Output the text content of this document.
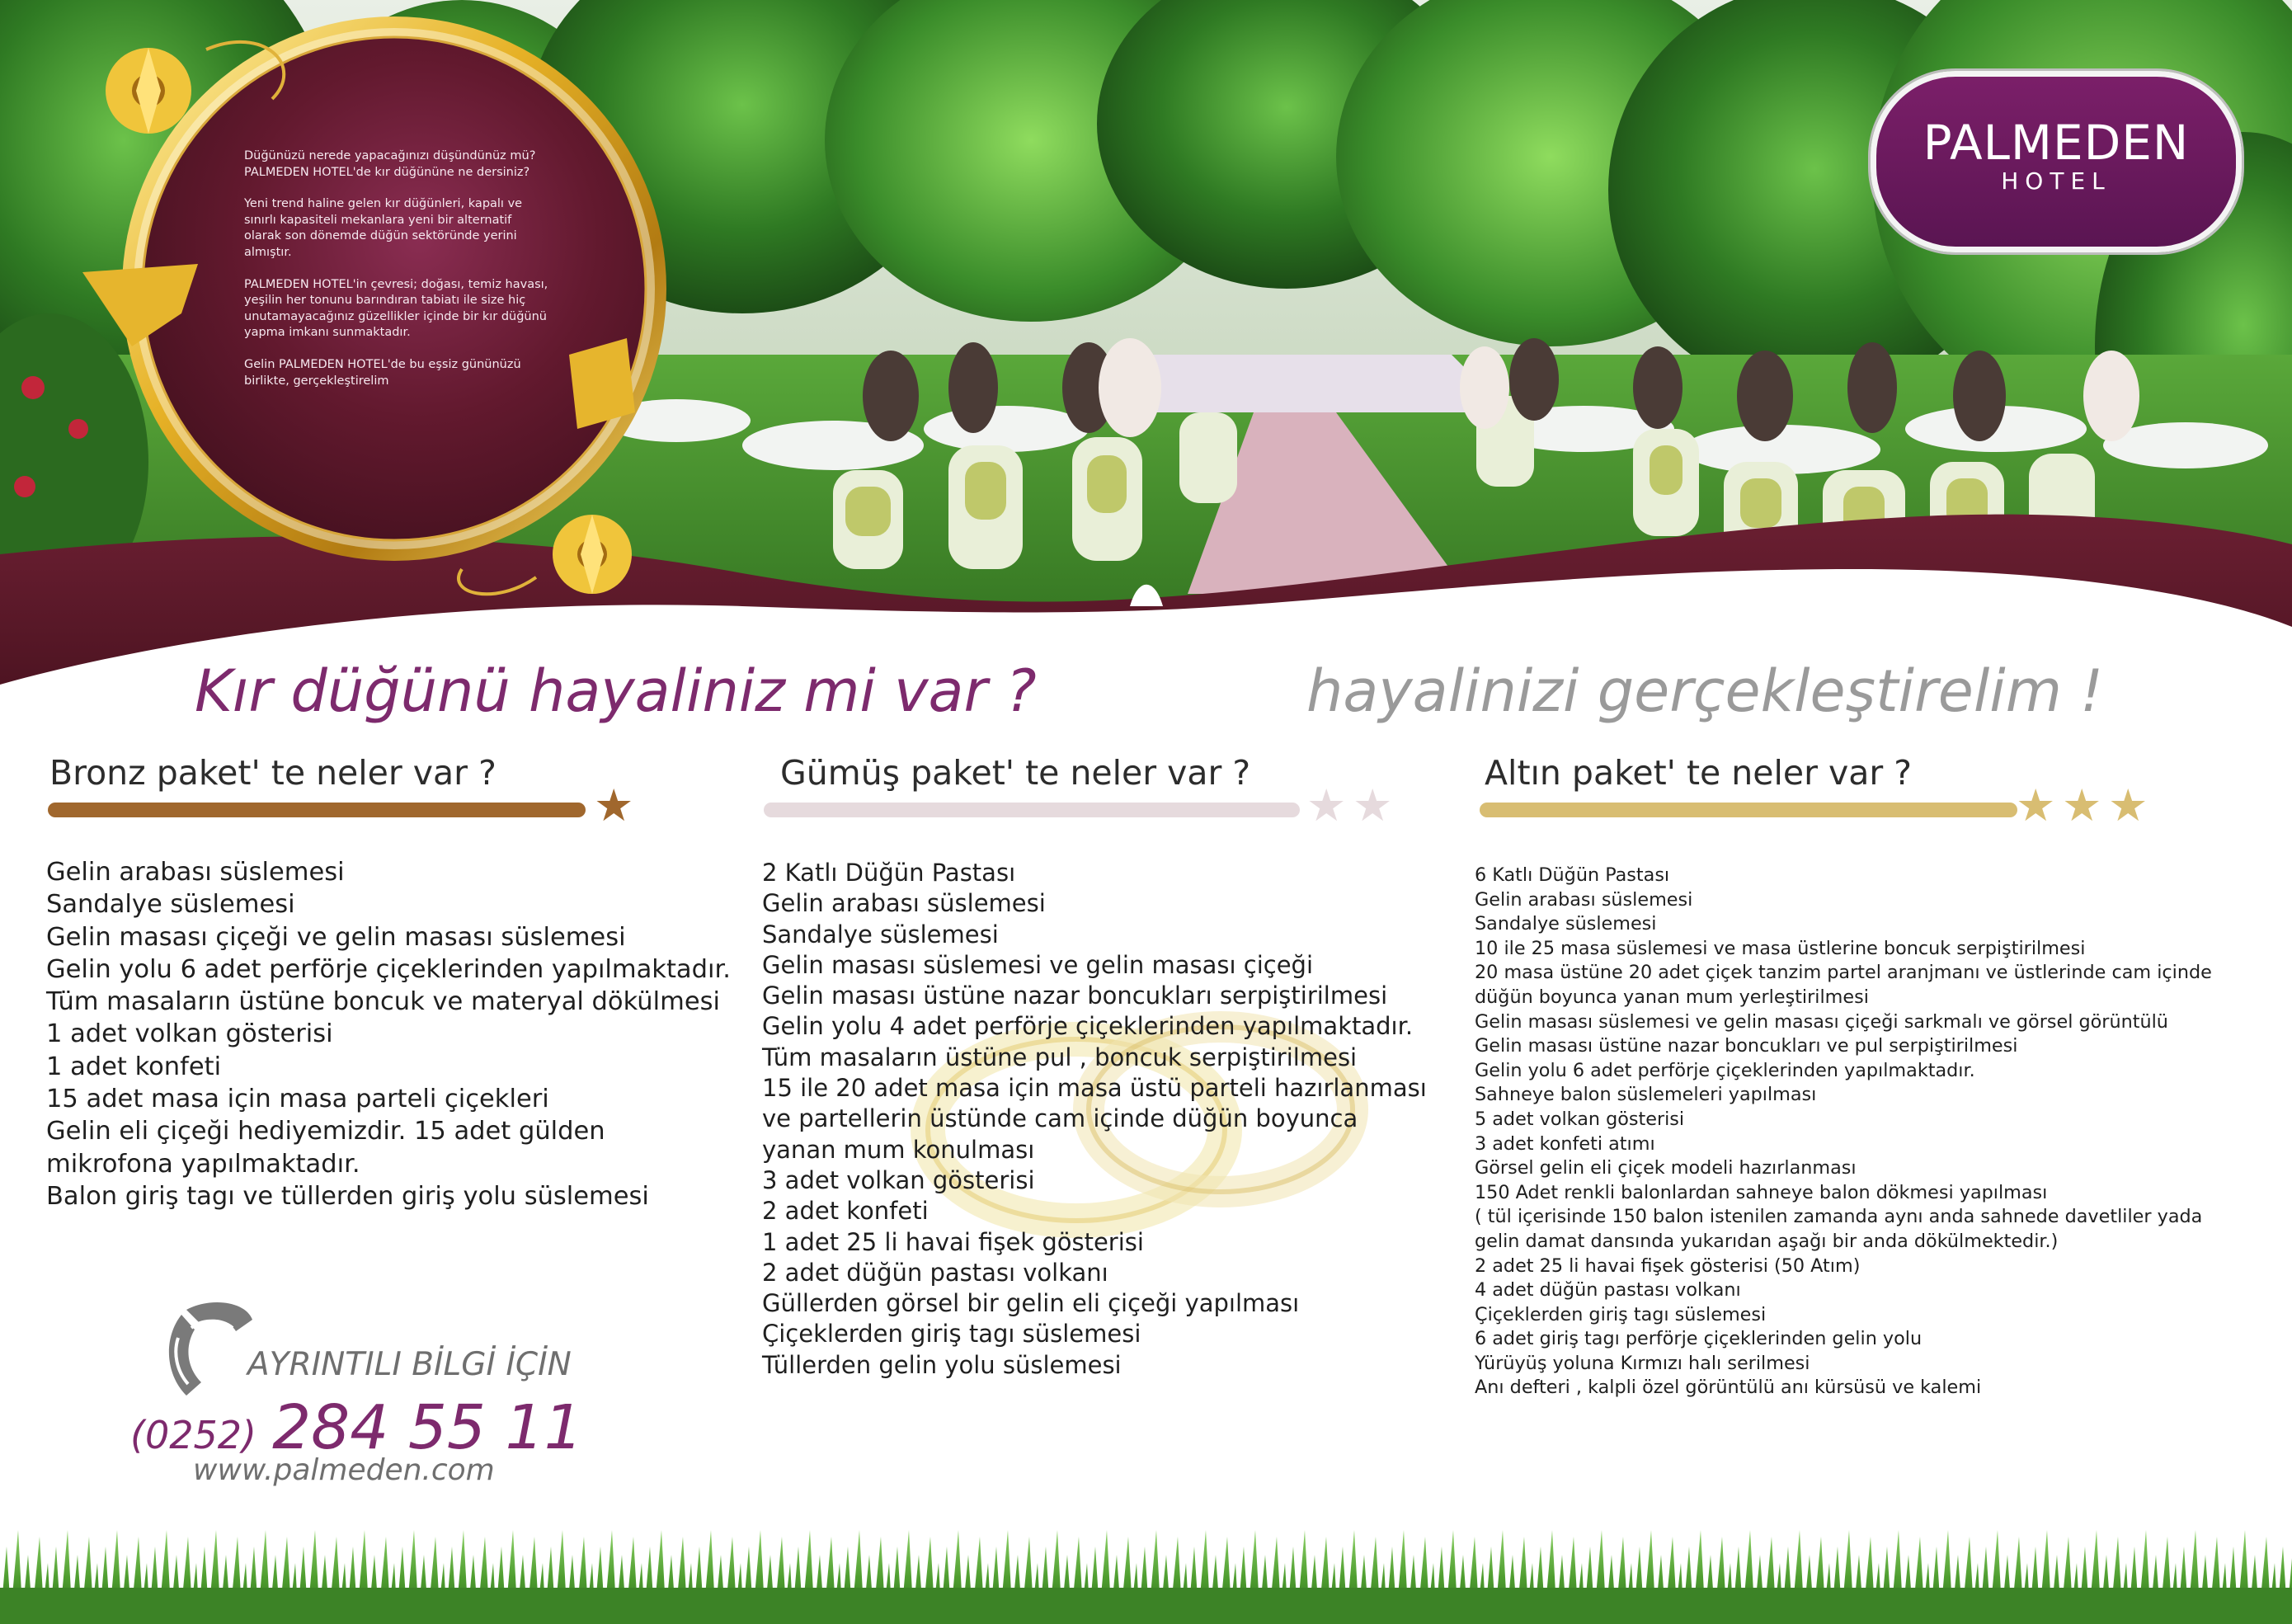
Düğünüzü nerede yapacağınızı düşündünüz mü? PALMEDEN HOTEL'de kır düğününe ne dersiniz?

Yeni trend haline gelen kır düğünleri, kapalı ve sınırlı kapasiteli mekanlara yeni bir alternatif olarak son dönemde düğün sektöründe yerini almıştır.

PALMEDEN HOTEL'in çevresi; doğası, temiz havası, yeşilin her tonunu barındıran tabiatı ile size hiç unutamayacağınız güzellikler içinde bir kır düğünü yapma imkanı sunmaktadır.

Gelin PALMEDEN HOTEL'de bu eşsiz gününüzü birlikte, gerçekleştirelim

PALMEDEN
HOTEL
Kır düğünü hayaliniz mi var ?	hayalinizi gerçekleştirelim !
Bronz paket' te neler var ?
★
Gümüş paket' te neler var ?
★ ★
Altın paket' te neler var ?
★ ★ ★
Gelin arabası süslemesi
Sandalye süslemesi
Gelin masası çiçeği ve gelin masası süslemesi
Gelin yolu 6 adet perförje çiçeklerinden yapılmaktadır.
Tüm masaların üstüne boncuk ve materyal dökülmesi
1 adet volkan gösterisi
1 adet konfeti
15 adet masa için masa parteli çiçekleri
Gelin eli çiçeği hediyemizdir. 15 adet gülden mikrofona yapılmaktadır.
Balon giriş tagı ve tüllerden giriş yolu süslemesi
2 Katlı Düğün Pastası
Gelin arabası süslemesi
Sandalye süslemesi
Gelin masası süslemesi ve gelin masası çiçeği
Gelin masası üstüne nazar boncukları serpiştirilmesi
Gelin yolu 4 adet perförje çiçeklerinden yapılmaktadır.
Tüm masaların üstüne pul , boncuk serpiştirilmesi
15 ile 20 adet masa için masa üstü parteli hazırlanması ve partellerin üstünde cam içinde düğün boyunca yanan mum konulması
3 adet volkan gösterisi
2 adet konfeti
1 adet 25 li havai fişek gösterisi
2 adet düğün pastası volkanı
Güllerden görsel bir gelin eli çiçeği yapılması
Çiçeklerden giriş tagı süslemesi
Tüllerden gelin yolu süslemesi
6 Katlı Düğün Pastası
Gelin arabası süslemesi
Sandalye süslemesi
10 ile 25 masa süslemesi ve masa üstlerine boncuk serpiştirilmesi
20 masa üstüne 20 adet çiçek tanzim partel aranjmanı ve üstlerinde cam içinde düğün boyunca yanan mum yerleştirilmesi
Gelin masası süslemesi ve gelin masası çiçeği sarkmalı ve görsel görüntülü
Gelin masası üstüne nazar boncukları ve pul serpiştirilmesi
Gelin yolu 6 adet perförje çiçeklerinden yapılmaktadır.
Sahneye balon süslemeleri yapılması
5 adet volkan gösterisi
3 adet konfeti atımı
Görsel gelin eli çiçek modeli hazırlanması
150 Adet renkli balonlardan sahneye balon dökmesi yapılması
( tül içerisinde 150 balon istenilen zamanda aynı anda sahnede davetliler yada gelin damat dansında yukarıdan aşağı bir anda dökülmektedir.)
2 adet 25 li havai fişek gösterisi (50 Atım)
4 adet düğün pastası volkanı
Çiçeklerden giriş tagı süslemesi
6 adet giriş tagı perförje çiçeklerinden gelin yolu
Yürüyüş yoluna Kırmızı halı serilmesi
Anı defteri , kalpli özel görüntülü anı kürsüsü ve kalemi
AYRINTILI BİLGİ İÇİN
(0252) 284 55 11
www.palmeden.com
